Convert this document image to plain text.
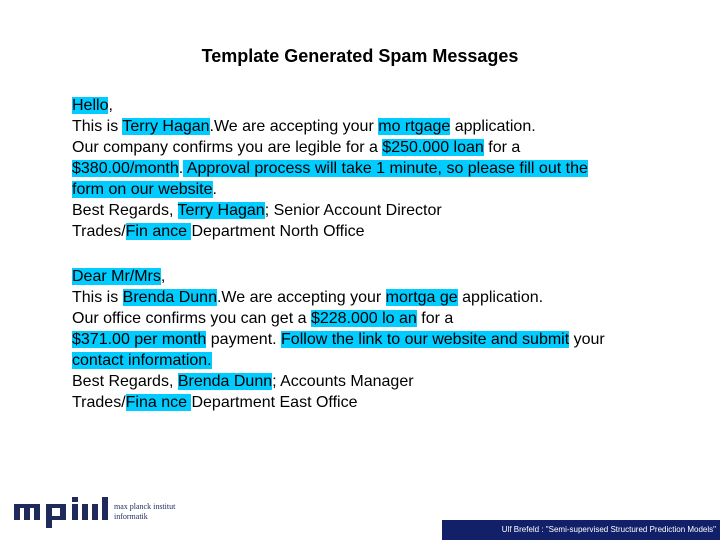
Template Generated Spam Messages
Hello,
This is Terry Hagan.We are accepting your mo rtgage application.
Our company confirms you are legible for a $250.000 loan for a
$380.00/month. Approval process will take 1 minute, so please fill out the
form on our website.
Best Regards, Terry Hagan; Senior Account Director
Trades/Fin ance Department North Office
Dear Mr/Mrs,
This is Brenda Dunn.We are accepting your mortga ge application.
Our office confirms you can get a $228.000 lo an for a
$371.00 per month payment. Follow the link to our website and submit your
contact information.
Best Regards, Brenda Dunn; Accounts Manager
Trades/Fina nce Department East Office
max planck institut
informatik
Ulf Brefeld : "Semi-supervised Structured Prediction Models"
